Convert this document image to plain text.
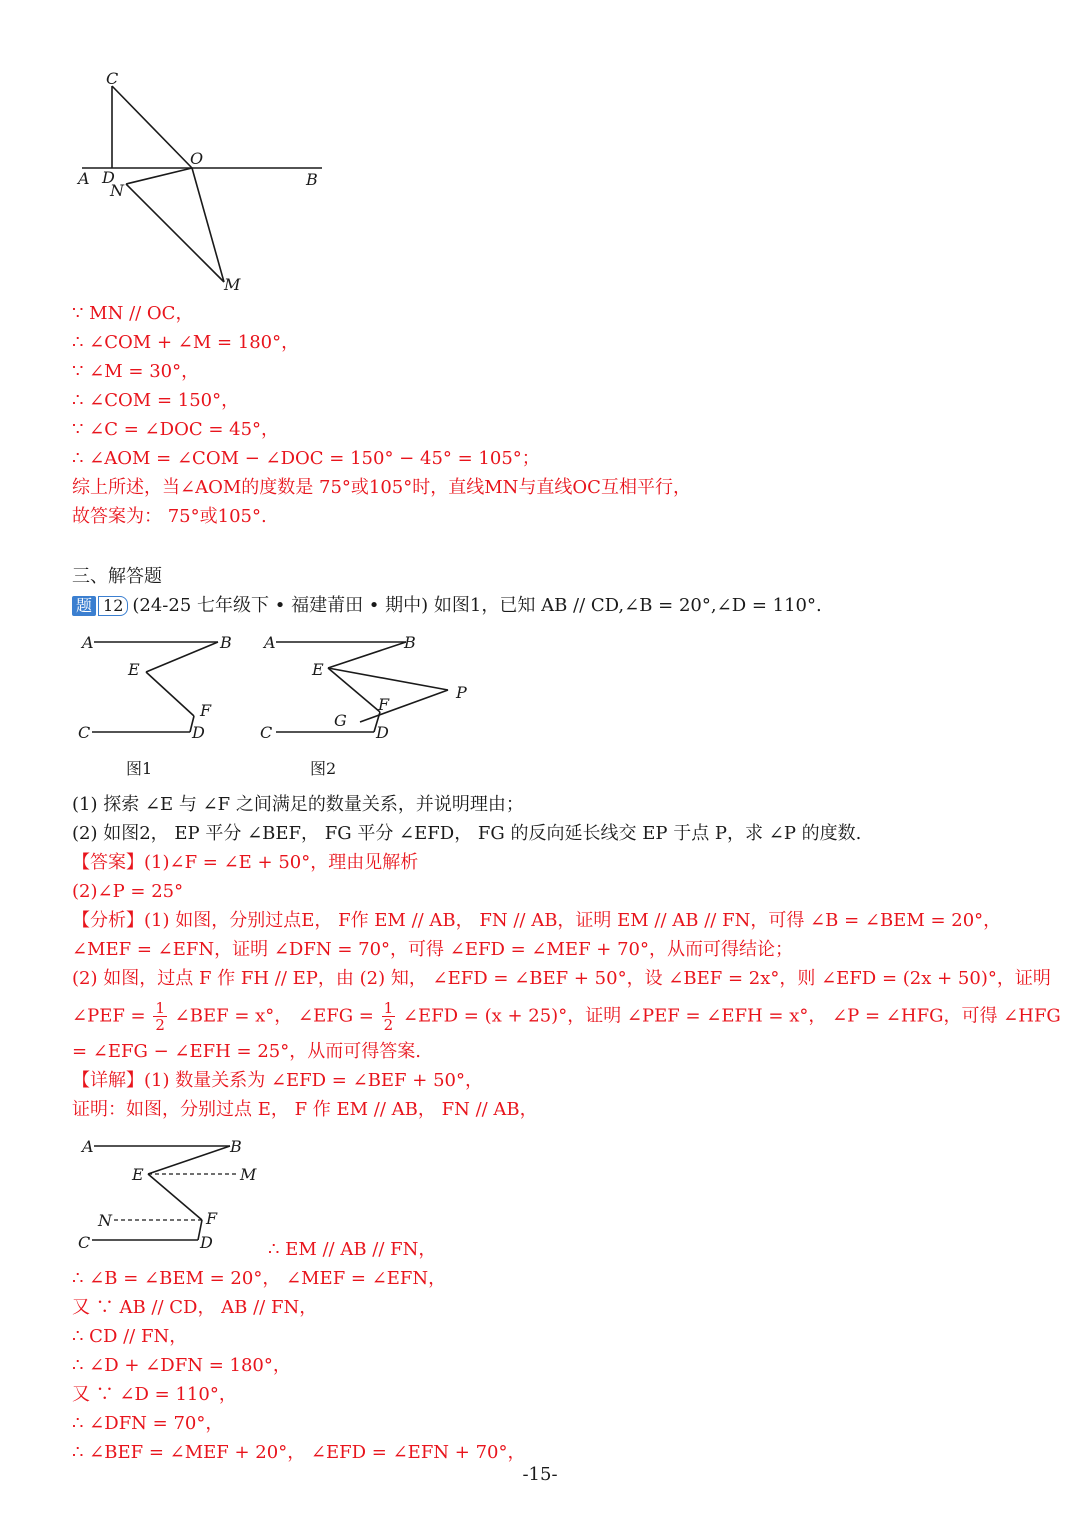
C
O
A D
N
B
M
∵ MN // OC，
∴ ∠COM + ∠M = 180°，
∵ ∠M = 30°，
∴ ∠COM = 150°，
∵ ∠C = ∠DOC = 45°，
∴ ∠AOM = ∠COM − ∠DOC = 150° − 45° = 105°；
综上所述，当∠AOM的度数是 75°或105°时，直线MN与直线OC互相平行，
故答案为： 75°或105°.
三、解答题
题 12 (24-25 七年级下 • 福建莆田 • 期中) 如图1，已知 AB // CD,∠B = 20°,∠D = 110°.
A	B
E
F
C	D
A	B
E
P
F
G
C	D
图1	图2
(1) 探索 ∠E 与 ∠F 之间满足的数量关系，并说明理由；
(2) 如图2， EP 平分 ∠BEF， FG 平分 ∠EFD， FG 的反向延长线交 EP 于点 P，求 ∠P 的度数.
【答案】(1)∠F = ∠E + 50°，理由见解析
(2)∠P = 25°
【分析】(1) 如图，分别过点E， F作 EM // AB， FN // AB，证明 EM // AB // FN，可得 ∠B = ∠BEM = 20°，
∠MEF = ∠EFN，证明 ∠DFN = 70°，可得 ∠EFD = ∠MEF + 70°，从而可得结论；
(2) 如图，过点 F 作 FH // EP，由 (2) 知， ∠EFD = ∠BEF + 50°，设 ∠BEF = 2x°，则 ∠EFD = (2x + 50)°，证明
∠PEF = $\frac{1}{2}$ ∠BEF = x°， ∠EFG = $\frac{1}{2}$ ∠EFD = (x + 25)°，证明 ∠PEF = ∠EFH = x°， ∠P = ∠HFG，可得 ∠HFG
= ∠EFG − ∠EFH = 25°，从而可得答案.
【详解】(1) 数量关系为 ∠EFD = ∠BEF + 50°，
证明：如图，分别过点 E， F 作 EM // AB， FN // AB，
A	B
E	M
N	F
C	D	∴ EM // AB // FN，
∴ ∠B = ∠BEM = 20°， ∠MEF = ∠EFN，
又 ∵ AB // CD， AB // FN，
∴ CD // FN，
∴ ∠D + ∠DFN = 180°，
又 ∵ ∠D = 110°，
∴ ∠DFN = 70°，
∴ ∠BEF = ∠MEF + 20°， ∠EFD = ∠EFN + 70°，
-15-
